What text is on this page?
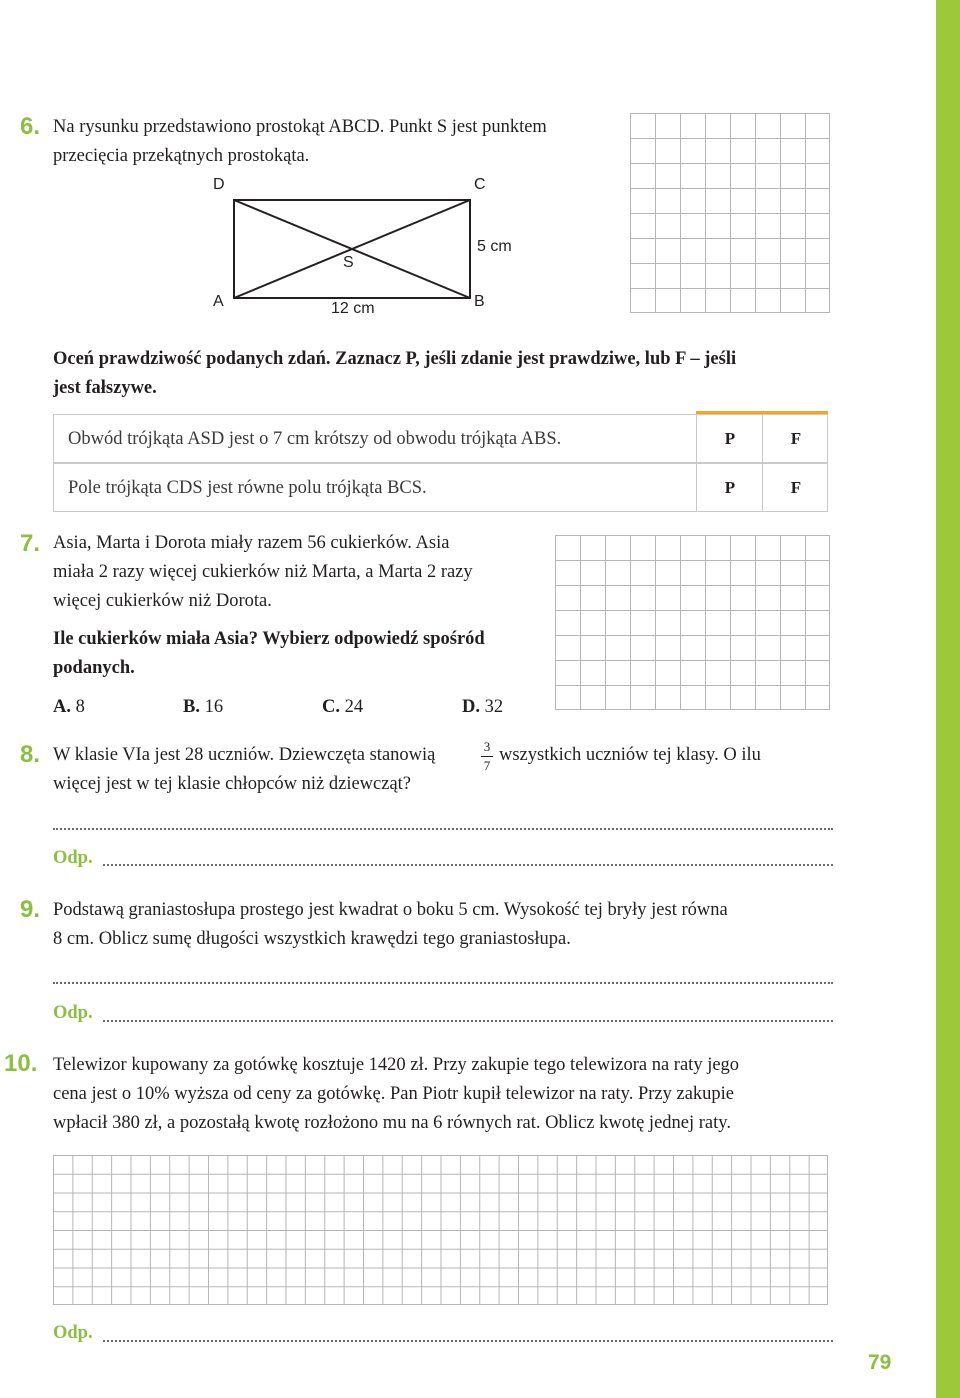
6. Na rysunku przedstawiono prostokąt ABCD. Punkt S jest punktem
przecięcia przekątnych prostokąta.
D	C
A	B
S
5 cm
12 cm
Oceń prawdziwość podanych zdań. Zaznacz P, jeśli zdanie jest prawdziwe, lub F – jeśli
jest fałszywe.
Obwód trójkąta ASD jest o 7 cm krótszy od obwodu trójkąta ABS.	P	F
Pole trójkąta CDS jest równe polu trójkąta BCS.	P	F
7. Asia, Marta i Dorota miały razem 56 cukierków. Asia
miała 2 razy więcej cukierków niż Marta, a Marta 2 razy
więcej cukierków niż Dorota.
Ile cukierków miała Asia? Wybierz odpowiedź spośród
podanych.
A. 8	B. 16	C. 24	D. 32
8. W klasie VIa jest 28 uczniów. Dziewczęta stanowią	3
7
wszystkich uczniów tej klasy. O ilu
więcej jest w tej klasie chłopców niż dziewcząt?
Odp.
9. Podstawą graniastosłupa prostego jest kwadrat o boku 5 cm. Wysokość tej bryły jest równa
8 cm. Oblicz sumę długości wszystkich krawędzi tego graniastosłupa.
Odp.
10. Telewizor kupowany za gotówkę kosztuje 1420 zł. Przy zakupie tego telewizora na raty jego
cena jest o 10% wyższa od ceny za gotówkę. Pan Piotr kupił telewizor na raty. Przy zakupie
wpłacił 380 zł, a pozostałą kwotę rozłożono mu na 6 równych rat. Oblicz kwotę jednej raty.
Odp.
79
